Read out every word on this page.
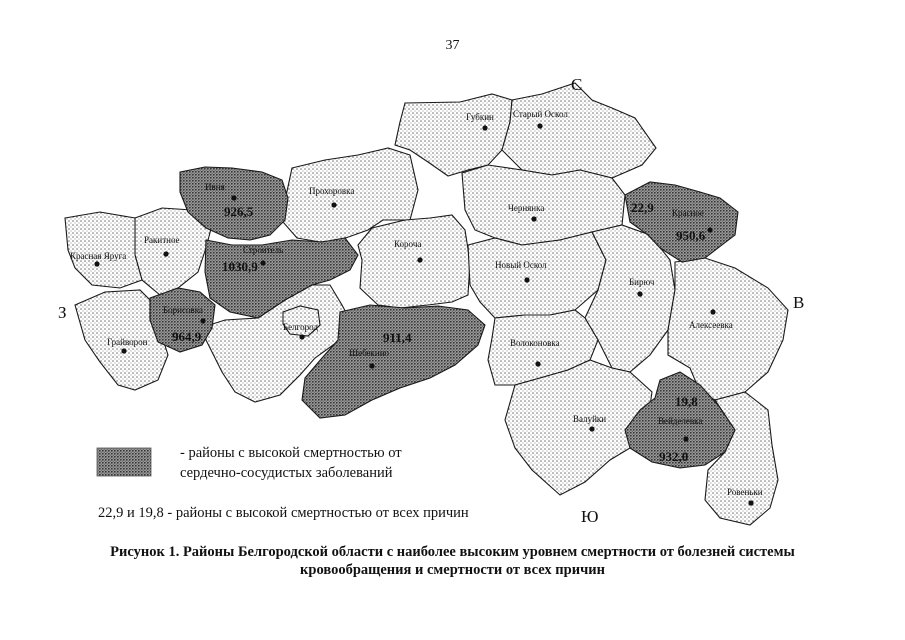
37
С
Ю
З
В
Губкин Старый Оскол
Ивня	Прохоровка
Чернянка	Красное
Ракитное
Строитель
Короча
Новый Оскол
Красная Яруга
Бирюч
Борисовка
Белгород
Шебекино
Алексеевка
Грайворон	Волоконовка
Валуйки	Вейделевка
Ровеньки
926,5
1030,9
964,9	911,4
22,9
950,6
19,8
932,0
- районы с высокой смертностью от
сердечно-сосудистых заболеваний
22,9 и 19,8 - районы с высокой смертностью от всех причин
Рисунок 1. Районы Белгородской области с наиболее высоким уровнем смертности от болезней системы
кровообращения и смертности от всех причин
